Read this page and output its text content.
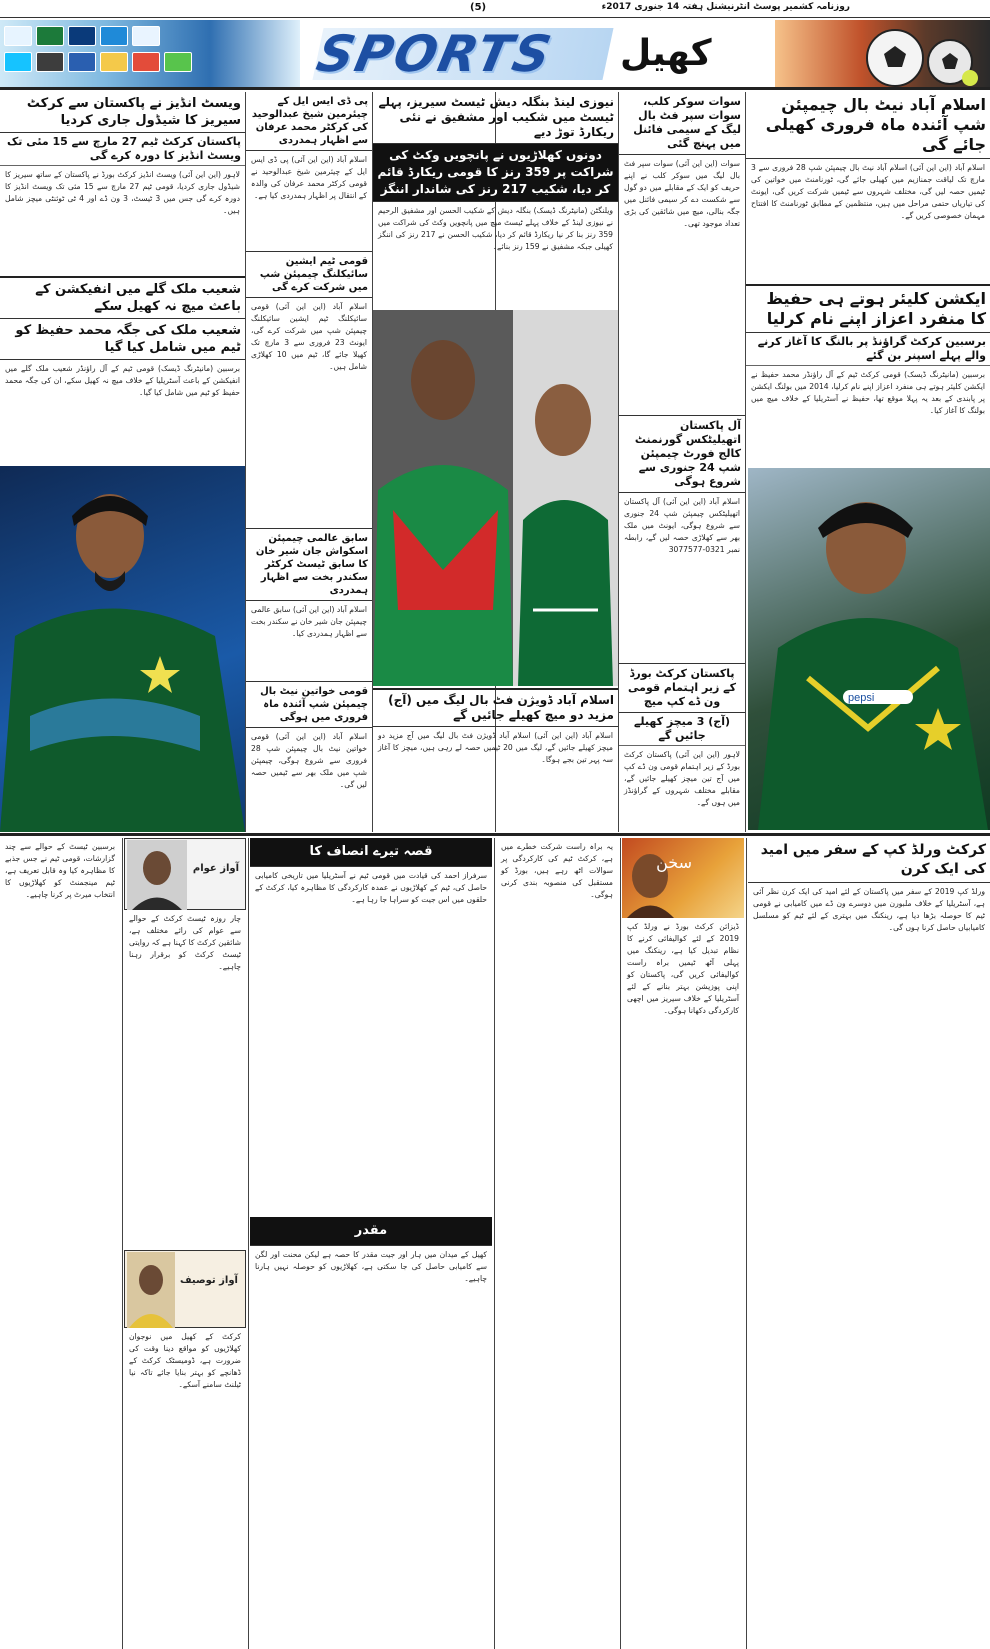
(5)	روزنامہ کشمیر پوسٹ انٹرنیشنل ہفتہ 14 جنوری 2017ء
SPORTS	کھیل
اسلام آباد نیٹ بال چیمپئن شپ آئندہ ماہ فروری کھیلی جائے گی
اسلام آباد (این این آئی) اسلام آباد نیٹ بال چیمپئن شپ 28 فروری سے 3 مارچ تک لیاقت جمنازیم میں کھیلی جائے گی، ٹورنامنٹ میں خواتین کی ٹیمیں حصہ لیں گی، مختلف شہروں سے ٹیمیں شرکت کریں گی، ایونٹ کی تیاریاں حتمی مراحل میں ہیں، منتظمین کے مطابق ٹورنامنٹ کا افتتاح مہمان خصوصی کریں گے۔
ایکشن کلیئر ہوتے ہی حفیظ کا منفرد اعزاز اپنے نام کرلیا
برسبین کرکٹ گراؤنڈ پر بالنگ کا آغاز کرنے والے پہلے اسپنر بن گئے
برسبین (مانیٹرنگ ڈیسک) قومی کرکٹ ٹیم کے آل راؤنڈر محمد حفیظ نے ایکشن کلیئر ہوتے ہی منفرد اعزاز اپنے نام کرلیا، 2014 میں بولنگ ایکشن پر پابندی کے بعد یہ پہلا موقع تھا، حفیظ نے آسٹریلیا کے خلاف میچ میں بولنگ کا آغاز کیا۔
pepsi
سوات سوکر کلب، سوات سپر فٹ بال لیگ کے سیمی فائنل میں پہنچ گئی
سوات (این این آئی) سوات سپر فٹ بال لیگ میں سوکر کلب نے اپنے حریف کو ایک کے مقابلے میں دو گول سے شکست دے کر سیمی فائنل میں جگہ بنالی، میچ میں شائقین کی بڑی تعداد موجود تھی۔
آل پاکستان اتھیلیٹکس گورنمنٹ کالج فورٹ چیمپئن شپ 24 جنوری سے شروع ہوگی
اسلام آباد (این این آئی) آل پاکستان اتھیلیٹکس چیمپئن شپ 24 جنوری سے شروع ہوگی، ایونٹ میں ملک بھر سے کھلاڑی حصہ لیں گے، رابطہ نمبر 0321-3077577
پاکستان کرکٹ بورڈ کے زیر اہتمام قومی ون ڈے کپ میچ
(آج) 3 میچز کھیلے جائیں گے
لاہور (این این آئی) پاکستان کرکٹ بورڈ کے زیر اہتمام قومی ون ڈے کپ میں آج تین میچز کھیلے جائیں گے، مقابلے مختلف شہروں کے گراؤنڈز میں ہوں گے۔
نیوزی لینڈ بنگلہ دیش ٹیسٹ سیریز، پہلے ٹیسٹ میں شکیب اور مشفیق نے نئی ریکارڈ توڑ دیے
دونوں کھلاڑیوں نے پانچویں وکٹ کی شراکت پر 359 رنز کا قومی ریکارڈ قائم کر دیا، شکیب 217 رنز کی شاندار اننگز
ویلنگٹن (مانیٹرنگ ڈیسک) بنگلہ دیش کے شکیب الحسن اور مشفیق الرحیم نے نیوزی لینڈ کے خلاف پہلے ٹیسٹ میچ میں پانچویں وکٹ کی شراکت میں 359 رنز بنا کر نیا ریکارڈ قائم کر دیا، شکیب الحسن نے 217 رنز کی اننگز کھیلی جبکہ مشفیق نے 159 رنز بنائے۔
اسلام آباد ڈویژن فٹ بال لیگ میں (آج) مزید دو میچ کھیلے جائیں گے
اسلام آباد (این این آئی) اسلام آباد ڈویژن فٹ بال لیگ میں آج مزید دو میچز کھیلے جائیں گے، لیگ میں 20 ٹیمیں حصہ لے رہی ہیں، میچز کا آغاز سہ پہر تین بجے ہوگا۔
پی ڈی ایس ایل کے چیئرمین شیخ عبدالوحید کی کرکٹر محمد عرفان سے اظہار ہمدردی
اسلام آباد (این این آئی) پی ڈی ایس ایل کے چیئرمین شیخ عبدالوحید نے قومی کرکٹر محمد عرفان کی والدہ کے انتقال پر اظہار ہمدردی کیا ہے۔
قومی ٹیم ایشین سائیکلنگ چیمپئن شپ میں شرکت کرے گی
اسلام آباد (این این آئی) قومی سائیکلنگ ٹیم ایشین سائیکلنگ چیمپئن شپ میں شرکت کرے گی، ایونٹ 23 فروری سے 3 مارچ تک کھیلا جائے گا، ٹیم میں 10 کھلاڑی شامل ہیں۔
سابق عالمی چیمپئن اسکواش جان شیر خان کا سابق ٹیسٹ کرکٹر سکندر بخت سے اظہار ہمدردی
اسلام آباد (این این آئی) سابق عالمی چیمپئن جان شیر خان نے سکندر بخت سے اظہار ہمدردی کیا۔
قومی خواتین نیٹ بال چیمپئن شپ آئندہ ماہ فروری میں ہوگی
اسلام آباد (این این آئی) قومی خواتین نیٹ بال چیمپئن شپ 28 فروری سے شروع ہوگی، چیمپئن شپ میں ملک بھر سے ٹیمیں حصہ لیں گی۔
ویسٹ انڈیز نے پاکستان سے کرکٹ سیریز کا شیڈول جاری کردیا
پاکستان کرکٹ ٹیم 27 مارچ سے 15 مئی تک ویسٹ انڈیز کا دورہ کرے گی
لاہور (این این آئی) ویسٹ انڈیز کرکٹ بورڈ نے پاکستان کے ساتھ سیریز کا شیڈول جاری کردیا، قومی ٹیم 27 مارچ سے 15 مئی تک ویسٹ انڈیز کا دورہ کرے گی جس میں 3 ٹیسٹ، 3 ون ڈے اور 4 ٹی ٹوئنٹی میچز شامل ہیں۔
شعیب ملک گلے میں انفیکشن کے باعث میچ نہ کھیل سکے
شعیب ملک کی جگہ محمد حفیظ کو ٹیم میں شامل کیا گیا
برسبین (مانیٹرنگ ڈیسک) قومی ٹیم کے آل راؤنڈر شعیب ملک گلے میں انفیکشن کے باعث آسٹریلیا کے خلاف میچ نہ کھیل سکے، ان کی جگہ محمد حفیظ کو ٹیم میں شامل کیا گیا۔
کرکٹ ورلڈ کپ کے سفر میں امید کی ایک کرن
ورلڈ کپ 2019 کے سفر میں پاکستان کے لئے امید کی ایک کرن نظر آئی ہے، آسٹریلیا کے خلاف ملبورن میں دوسرے ون ڈے میں کامیابی نے قومی ٹیم کا حوصلہ بڑھا دیا ہے، رینکنگ میں بہتری کے لئے ٹیم کو مسلسل کامیابیاں حاصل کرنا ہوں گی۔
سخن
ڈیزائن کرکٹ بورڈ نے ورلڈ کپ 2019 کے لئے کوالیفائی کرنے کا نظام تبدیل کیا ہے، رینکنگ میں پہلی آٹھ ٹیمیں براہ راست کوالیفائی کریں گی، پاکستان کو اپنی پوزیشن بہتر بنانے کے لئے آسٹریلیا کے خلاف سیریز میں اچھی کارکردگی دکھانا ہوگی۔
یہ براہ راست شرکت خطرے میں ہے، کرکٹ ٹیم کی کارکردگی پر سوالات اٹھ رہے ہیں، بورڈ کو مستقبل کی منصوبہ بندی کرنی ہوگی۔
قصہ تیرے انصاف کا
سرفراز احمد کی قیادت میں قومی ٹیم نے آسٹریلیا میں تاریخی کامیابی حاصل کی، ٹیم کے کھلاڑیوں نے عمدہ کارکردگی کا مظاہرہ کیا، کرکٹ کے حلقوں میں اس جیت کو سراہا جا رہا ہے۔
مقدر
کھیل کے میدان میں ہار اور جیت مقدر کا حصہ ہے لیکن محنت اور لگن سے کامیابی حاصل کی جا سکتی ہے، کھلاڑیوں کو حوصلہ نہیں ہارنا چاہیے۔
آواز عوام
چار روزہ ٹیسٹ کرکٹ کے حوالے سے عوام کی رائے مختلف ہے، شائقین کرکٹ کا کہنا ہے کہ روایتی ٹیسٹ کرکٹ کو برقرار رہنا چاہیے۔
آواز توصیف
کرکٹ کے کھیل میں نوجوان کھلاڑیوں کو مواقع دینا وقت کی ضرورت ہے، ڈومیسٹک کرکٹ کے ڈھانچے کو بہتر بنایا جائے تاکہ نیا ٹیلنٹ سامنے آسکے۔
برسبین ٹیسٹ کے حوالے سے چند گزارشات، قومی ٹیم نے جس جذبے کا مظاہرہ کیا وہ قابل تعریف ہے، ٹیم مینجمنٹ کو کھلاڑیوں کا انتخاب میرٹ پر کرنا چاہیے۔
